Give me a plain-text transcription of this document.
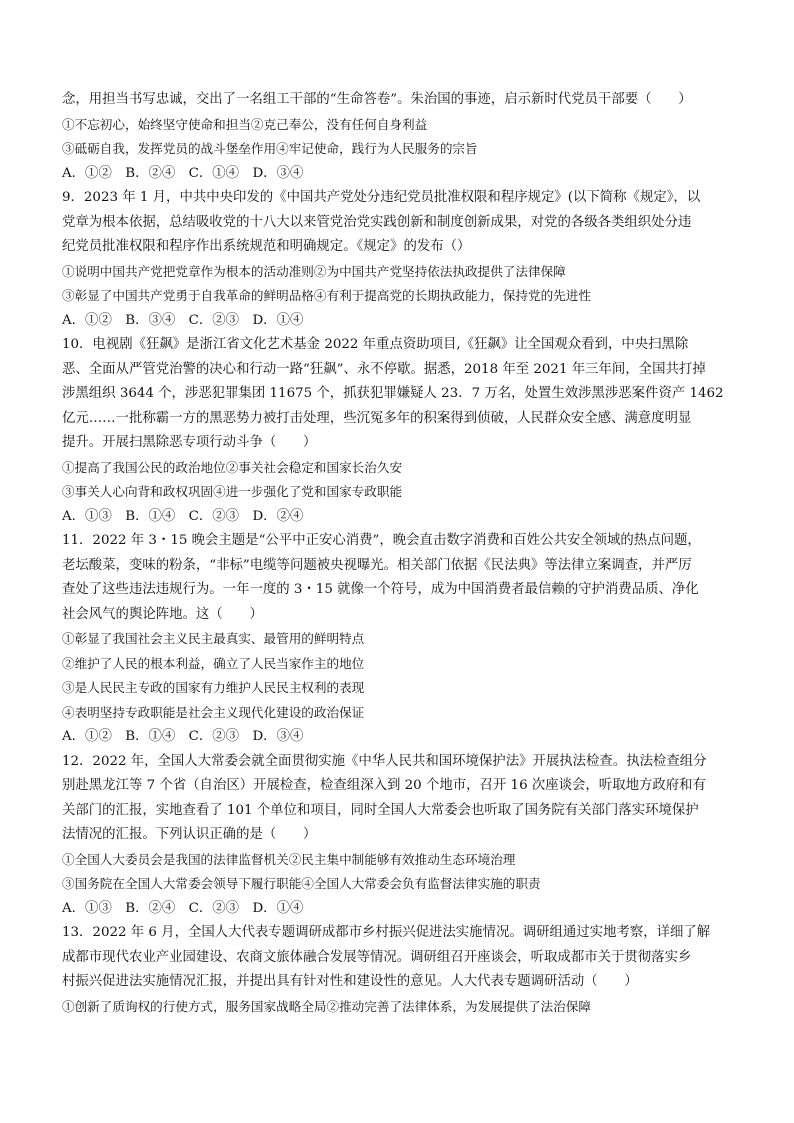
念，用担当书写忠诚，交出了一名组工干部的“生命答卷”。朱治国的事迹，启示新时代党员干部要（　　）
①不忘初心，始终坚守使命和担当②克己奉公，没有任何自身利益
③砥砺自我，发挥党员的战斗堡垒作用④牢记使命，践行为人民服务的宗旨
A．①②　B．②④　C．①④　D．③④
9．2023 年 1 月，中共中央印发的《中国共产党处分违纪党员批准权限和程序规定》(以下简称《规定》，以
党章为根本依据，总结吸收党的十八大以来管党治党实践创新和制度创新成果，对党的各级各类组织处分违
纪党员批准权限和程序作出系统规范和明确规定。《规定》的发布（）
①说明中国共产党把党章作为根本的活动准则②为中国共产党坚持依法执政提供了法律保障
③彰显了中国共产党勇于自我革命的鲜明品格④有利于提高党的长期执政能力，保持党的先进性
A．①②　B．③④　C．②③　D．①④
10．电视剧《狂飙》是浙江省文化艺术基金 2022 年重点资助项目,《狂飙》让全国观众看到，中央扫黑除
恶、全面从严管党治警的决心和行动一路“狂飙”、永不停歇。据悉，2018 年至 2021 年三年间，全国共打掉
涉黑组织 3644 个，涉恶犯罪集团 11675 个，抓获犯罪嫌疑人 23．7 万名，处置生效涉黑涉恶案件资产 1462
亿元……一批称霸一方的黑恶势力被打击处理，些沉冤多年的积案得到侦破，人民群众安全感、满意度明显
提升。开展扫黑除恶专项行动斗争（　　）
①提高了我国公民的政治地位②事关社会稳定和国家长治久安
③事关人心向背和政权巩固④进一步强化了党和国家专政职能
A．①③　B．①④　C．②③　D．②④
11．2022 年 3・15 晚会主题是“公平中正安心消费”，晚会直击数字消费和百姓公共安全领域的热点问题，
老坛酸菜，变味的粉条，“非标”电缆等问题被央视曝光。相关部门依据《民法典》等法律立案调查，并严厉
查处了这些违法违规行为。一年一度的 3・15 就像一个符号，成为中国消费者最信赖的守护消费品质、净化
社会风气的舆论阵地。这（　　）
①彰显了我国社会主义民主最真实、最管用的鲜明特点
②维护了人民的根本利益，确立了人民当家作主的地位
③是人民民主专政的国家有力维护人民民主权利的表现
④表明坚持专政职能是社会主义现代化建设的政治保证
A．①②　B．①④　C．②③　D．③④
12．2022 年，全国人大常委会就全面贯彻实施《中华人民共和国环境保护法》开展执法检查。执法检查组分
别赴黑龙江等 7 个省（自治区）开展检查，检查组深入到 20 个地市，召开 16 次座谈会，听取地方政府和有
关部门的汇报，实地查看了 101 个单位和项目，同时全国人大常委会也听取了国务院有关部门落实环境保护
法情况的汇报。下列认识正确的是（　　）
①全国人大委员会是我国的法律监督机关②民主集中制能够有效推动生态环境治理
③国务院在全国人大常委会领导下履行职能④全国人大常委会负有监督法律实施的职责
A．①③　B．②④　C．②③　D．①④
13．2022 年 6 月，全国人大代表专题调研成都市乡村振兴促进法实施情况。调研组通过实地考察，详细了解
成都市现代农业产业园建设、农商文旅体融合发展等情况。调研组召开座谈会，听取成都市关于贯彻落实乡
村振兴促进法实施情况汇报，并提出具有针对性和建设性的意见。人大代表专题调研活动（　　）
①创新了质询权的行使方式，服务国家战略全局②推动完善了法律体系，为发展提供了法治保障
